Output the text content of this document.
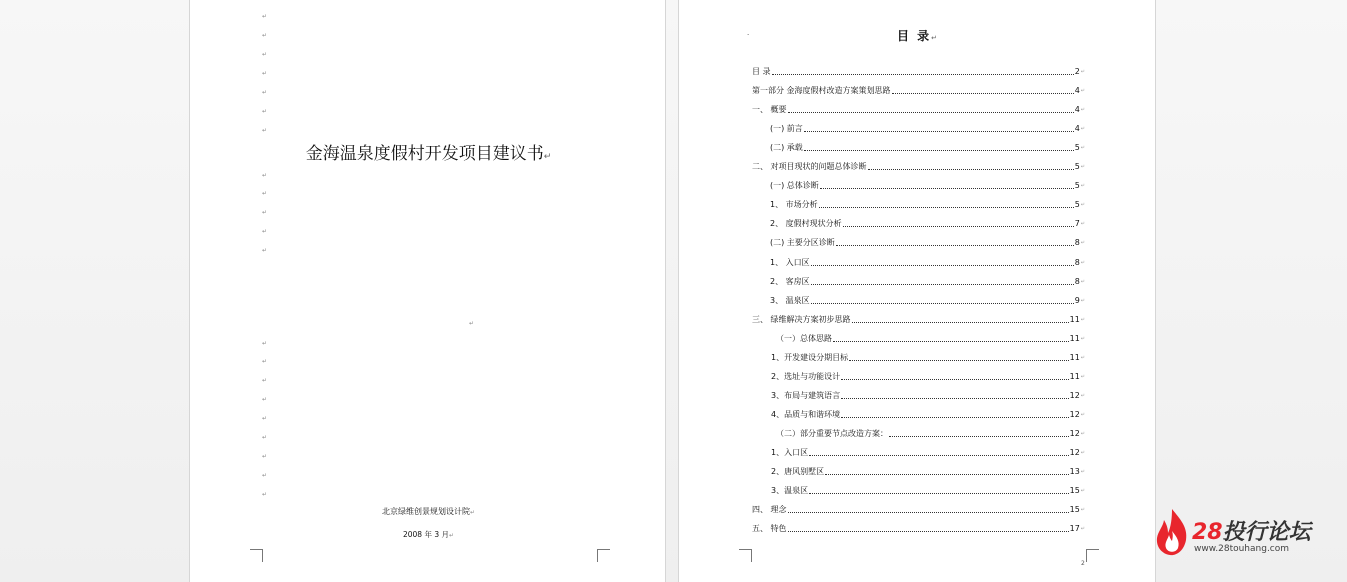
↵
↵
↵
↵
↵
↵
↵
金海温泉度假村开发项目建议书↵
↵
↵
↵
↵
↵
↵
↵
↵
↵
↵
↵
↵
↵
↵
↵
北京绿维创景规划设计院↵
2008 年 3 月↵
·	目 录↵
目 录	2 ↵
第一部分 金海度假村改造方案策划思路	4 ↵
一、 概要	4 ↵
(一) 前言	4 ↵
(二) 承载	5 ↵
二、 对项目现状的问题总体诊断	5 ↵
(一) 总体诊断	5 ↵
1、 市场分析	5 ↵
2、 度假村现状分析	7 ↵
(二) 主要分区诊断	8 ↵
1、 入口区	8 ↵
2、 客房区	8 ↵
3、 温泉区	9 ↵
三、 绿维解决方案初步思路	11 ↵
（一）总体思路	11 ↵
1、开发建设分期目标	11 ↵
2、选址与功能设计	11 ↵
3、布局与建筑语言	12 ↵
4、品质与和谐环境	12 ↵
（二）部分重要节点改造方案：	12 ↵
1、入口区	12 ↵
2、唐风别墅区	13 ↵
3、温泉区	15 ↵
四、 理念	15 ↵
五、 特色	17 ↵
2
28投行论坛
www.28touhang.com
